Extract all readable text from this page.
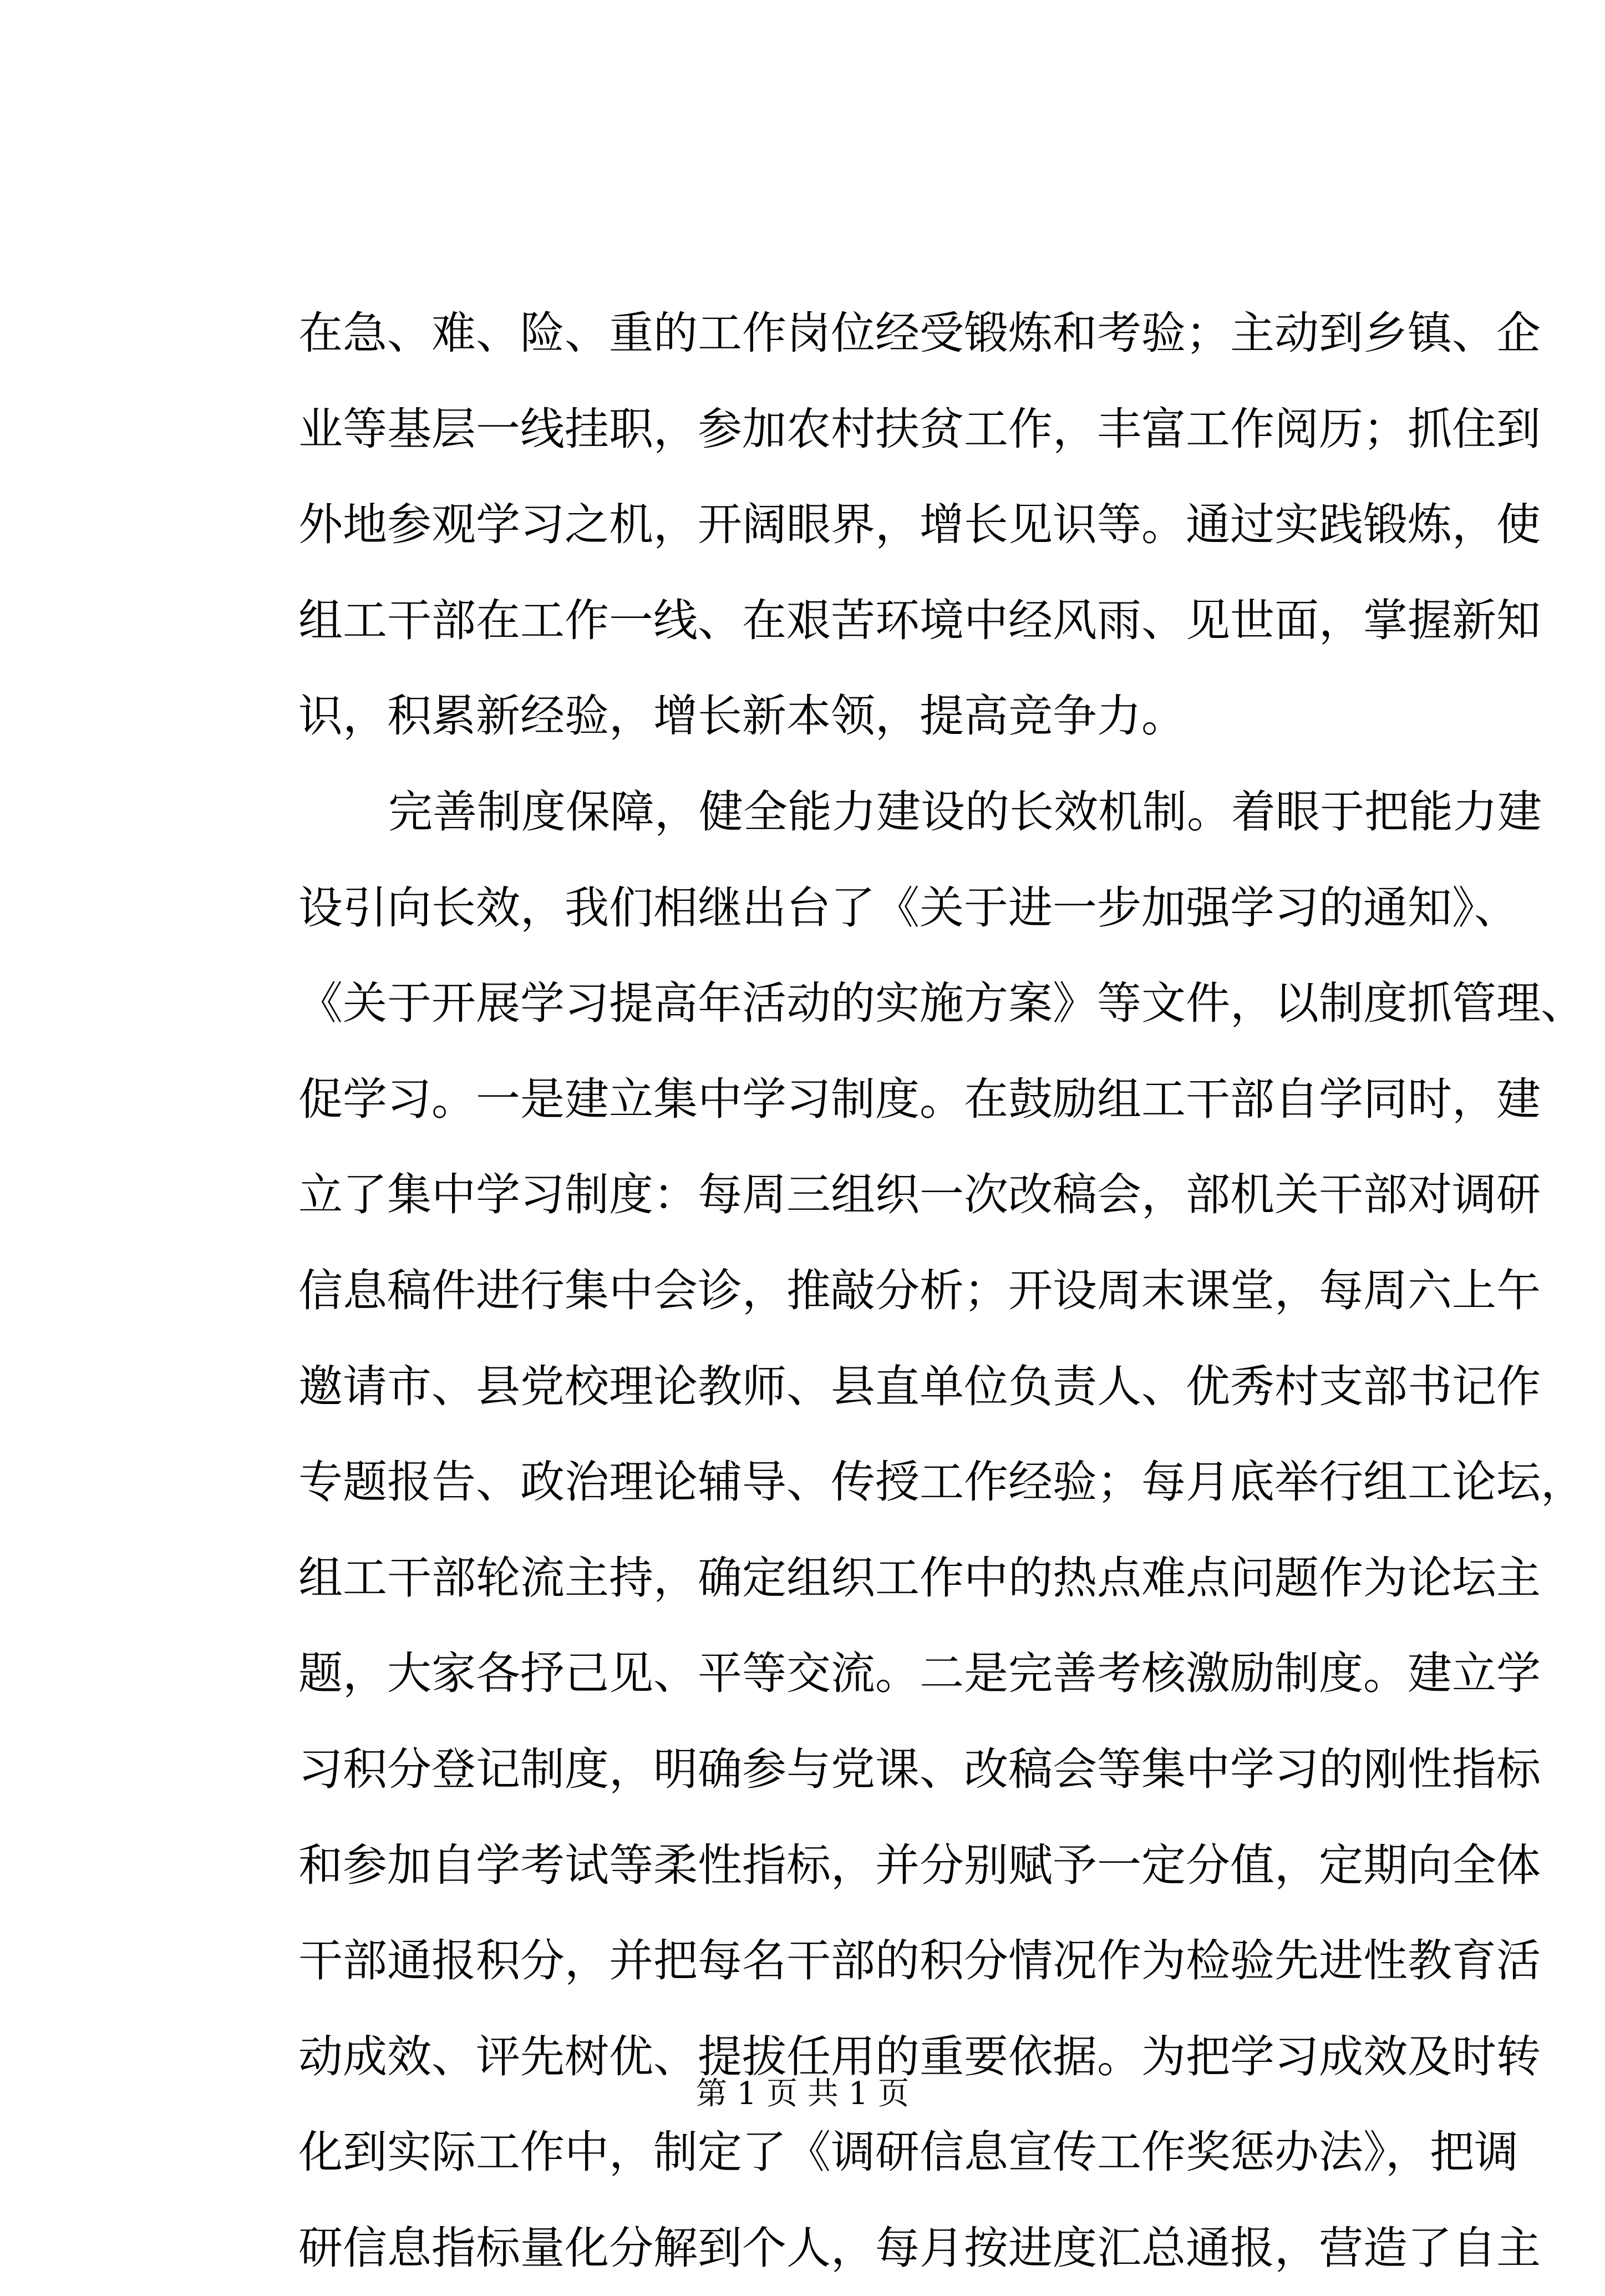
在急、难、险、重的工作岗位经受锻炼和考验；主动到乡镇、企
业等基层一线挂职，参加农村扶贫工作，丰富工作阅历；抓住到
外地参观学习之机，开阔眼界，增长见识等。通过实践锻炼，使
组工干部在工作一线、在艰苦环境中经风雨、见世面，掌握新知
识，积累新经验，增长新本领，提高竞争力。
完善制度保障，健全能力建设的长效机制。着眼于把能力建
设引向长效，我们相继出台了《关于进一步加强学习的通知》、
《关于开展学习提高年活动的实施方案》等文件，以制度抓管理、
促学习。一是建立集中学习制度。在鼓励组工干部自学同时，建
立了集中学习制度：每周三组织一次改稿会，部机关干部对调研
信息稿件进行集中会诊，推敲分析；开设周末课堂，每周六上午
邀请市、县党校理论教师、县直单位负责人、优秀村支部书记作
专题报告、政治理论辅导、传授工作经验；每月底举行组工论坛，
组工干部轮流主持，确定组织工作中的热点难点问题作为论坛主
题，大家各抒己见、平等交流。二是完善考核激励制度。建立学
习积分登记制度，明确参与党课、改稿会等集中学习的刚性指标
和参加自学考试等柔性指标，并分别赋予一定分值，定期向全体
干部通报积分，并把每名干部的积分情况作为检验先进性教育活
动成效、评先树优、提拔任用的重要依据。为把学习成效及时转
化到实际工作中，制定了《调研信息宣传工作奖惩办法》，把调
研信息指标量化分解到个人，每月按进度汇总通报，营造了自主
第 1 页 共 1 页
